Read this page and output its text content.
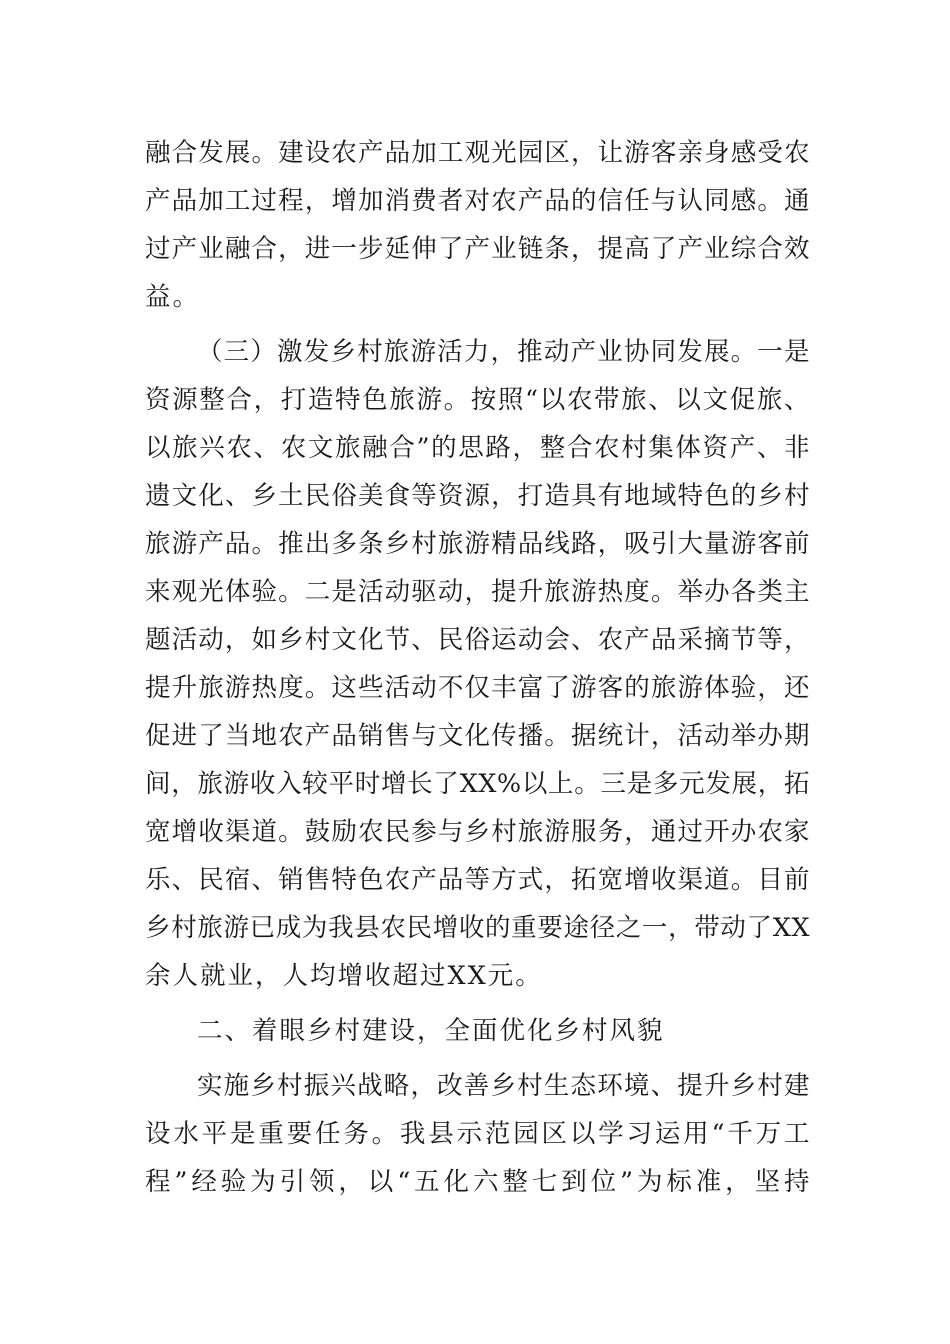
融合发展。建设农产品加工观光园区，让游客亲身感受农
产品加工过程，增加消费者对农产品的信任与认同感。通
过产业融合，进一步延伸了产业链条，提高了产业综合效
益。
（三）激发乡村旅游活力，推动产业协同发展。一是
资源整合，打造特色旅游。按照“以农带旅、以文促旅、
以旅兴农、农文旅融合”的思路，整合农村集体资产、非
遗文化、乡土民俗美食等资源，打造具有地域特色的乡村
旅游产品。推出多条乡村旅游精品线路，吸引大量游客前
来观光体验。二是活动驱动，提升旅游热度。举办各类主
题活动，如乡村文化节、民俗运动会、农产品采摘节等，
提升旅游热度。这些活动不仅丰富了游客的旅游体验，还
促进了当地农产品销售与文化传播。据统计，活动举办期
间，旅游收入较平时增长了XX%以上。三是多元发展，拓
宽增收渠道。鼓励农民参与乡村旅游服务，通过开办农家
乐、民宿、销售特色农产品等方式，拓宽增收渠道。目前
乡村旅游已成为我县农民增收的重要途径之一，带动了XX
余人就业，人均增收超过XX元。
二、着眼乡村建设，全面优化乡村风貌
实施乡村振兴战略，改善乡村生态环境、提升乡村建
设水平是重要任务。我县示范园区以学习运用“千万工
程”经验为引领，以“五化六整七到位”为标准，坚持
